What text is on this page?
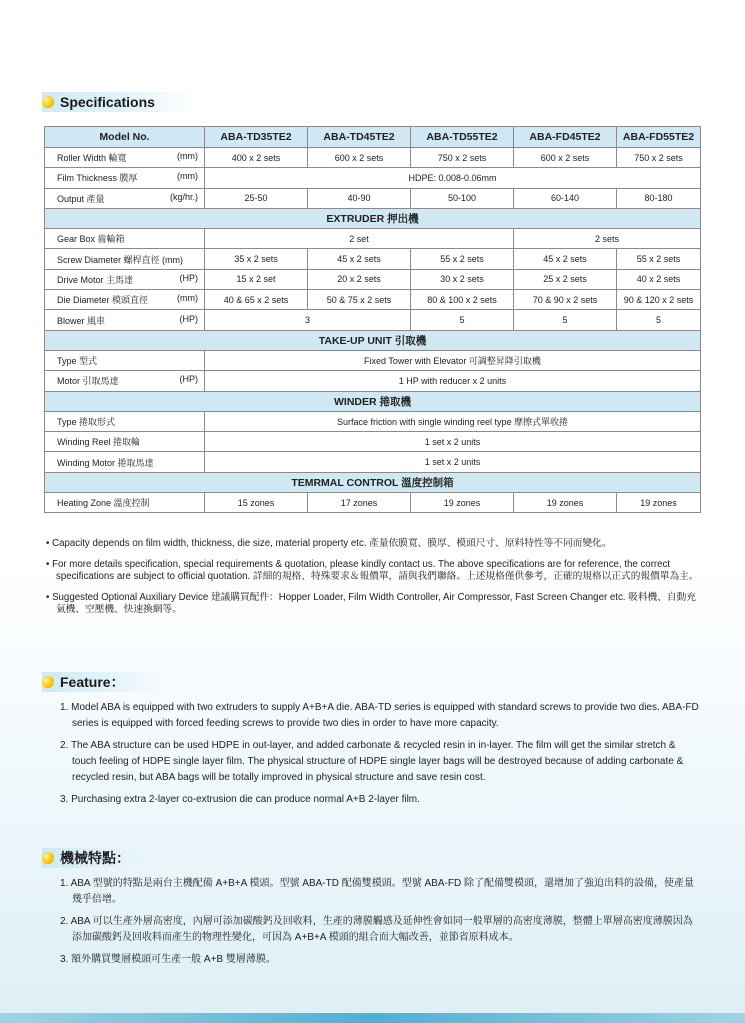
Specifications
Model No.	ABA-TD35TE2	ABA-TD45TE2	ABA-TD55TE2	ABA-FD45TE2	ABA-FD55TE2
Roller Width 輪寬 (mm)	400 x 2 sets	600 x 2 sets	750 x 2 sets	600 x 2 sets	750 x 2 sets
Film Thickness 膜厚 (mm)	HDPE: 0.008-0.06mm				
Output 產量 (kg/hr.)	25-50	40-90	50-100	60-140	80-180
EXTRUDER 押出機					
Gear Box 齒輪箱	2 set			2 sets	
Screw Diameter 螺桿直徑 (mm)	35 x 2 sets	45 x 2 sets	55 x 2 sets	45 x 2 sets	55 x 2 sets
Drive Motor 主馬達 (HP)	15 x 2 set	20 x 2 sets	30 x 2 sets	25 x 2 sets	40 x 2 sets
Die Diameter 模頭直徑 (mm)	40 & 65 x 2 sets	50 & 75 x 2 sets	80 & 100 x 2 sets	70 & 90 x 2 sets	90 & 120 x 2 sets
Blower 風車 (HP)	3		5	5	5
TAKE-UP UNIT 引取機					
Type 型式	Fixed Tower with Elevator 可調整昇降引取機				
Motor 引取馬達 (HP)	1 HP with reducer x 2 units				
WINDER 捲取機					
Type 捲取形式	Surface friction with single winding reel type 摩擦式單收捲				
Winding Reel 捲取輪	1 set x 2 units				
Winding Motor 捲取馬達	1 set x 2 units				
TEMRMAL CONTROL 溫度控制箱					
Heating Zone 溫度控制	15 zones	17 zones	19 zones	19 zones	19 zones

• Capacity depends on film width, thickness, die size, material property etc. 產量依膜寬、膜厚、模頭尺寸、原料特性等不同而變化。

• For more details specification, special requirements & quotation, please kindly contact us. The above specifications are for reference, the correct specifications are subject to official quotation. 詳細的規格、特殊要求＆報價單，請與我們聯絡。上述規格僅供參考，正確的規格以正式的報價單為主。

• Suggested Optional Auxiliary Device 建議購買配件：Hopper Loader, Film Width Controller, Air Compressor, Fast Screen Changer etc. 吸料機、自動充氣機、空壓機、快速換網等。

Feature：

1. Model ABA is equipped with two extruders to supply A+B+A die. ABA-TD series is equipped with standard screws to provide two dies. ABA-FD series is equipped with forced feeding screws to provide two dies in order to have more capacity.

2. The ABA structure can be used HDPE in out-layer, and added carbonate & recycled resin in in-layer. The film will get the similar stretch & touch feeling of HDPE single layer film. The physical structure of HDPE single layer bags will be destroyed because of adding carbonate & recycled resin, but ABA bags will be totally improved in physical structure and save resin cost.

3. Purchasing extra 2-layer co-extrusion die can produce normal A+B 2-layer film.

機械特點：

1. ABA 型號的特點是兩台主機配備 A+B+A 模頭。型號 ABA-TD 配備雙模頭。型號 ABA-FD 除了配備雙模頭，還增加了強迫出料的設備，使產量幾乎倍增。

2. ABA 可以生產外層高密度，內層可添加碳酸鈣及回收料，生產的薄膜觸感及延伸性會如同一般單層的高密度薄膜，整體上單層高密度薄膜因為添加碳酸鈣及回收料而產生的物理性變化，可因為 A+B+A 模頭的組合而大幅改善，並節省原料成本。

3. 額外購買雙層模頭可生產一般 A+B 雙層薄膜。
